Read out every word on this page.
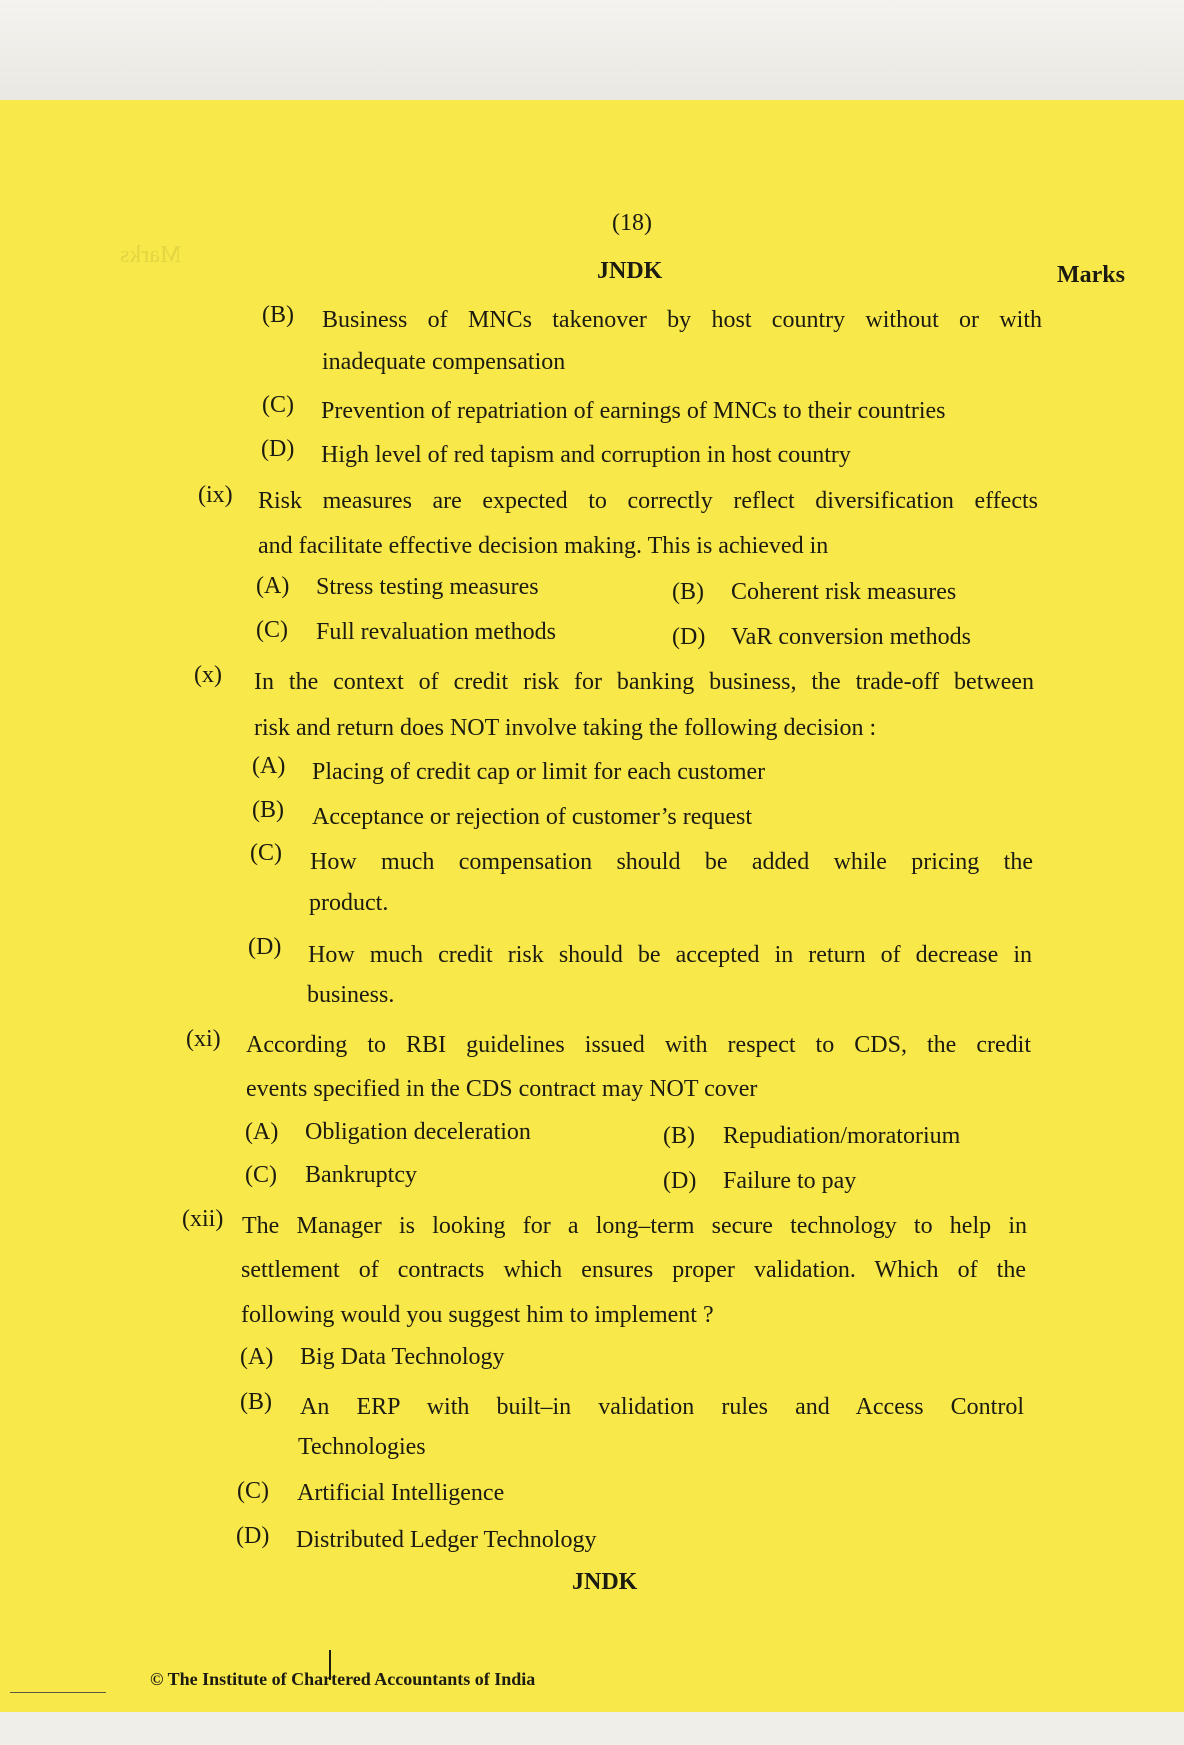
Marks
(18)
JNDK	Marks
(B) Business of MNCs takenover by host country without or with
inadequate compensation
(C) Prevention of repatriation of earnings of MNCs to their countries
(D) High level of red tapism and corruption in host country
(ix) Risk measures are expected to correctly reflect diversification effects
and facilitate effective decision making. This is achieved in
(A) Stress testing measures	(B) Coherent risk measures
(C) Full revaluation methods	(D) VaR conversion methods
(x) In the context of credit risk for banking business, the trade-off between
risk and return does NOT involve taking the following decision :
(A) Placing of credit cap or limit for each customer
(B) Acceptance or rejection of customer’s request
(C) How much compensation should be added while pricing the
product.
(D) How much credit risk should be accepted in return of decrease in
business.
(xi) According to RBI guidelines issued with respect to CDS, the credit
events specified in the CDS contract may NOT cover
(A) Obligation deceleration	(B) Repudiation/moratorium
(C) Bankruptcy	(D) Failure to pay
(xii) The Manager is looking for a long–term secure technology to help in
settlement of contracts which ensures proper validation. Which of the
following would you suggest him to implement ?
(A) Big Data Technology
(B) An ERP with built–in validation rules and Access Control
Technologies
(C) Artificial Intelligence
(D) Distributed Ledger Technology
JNDK
© The Institute of Chartered Accountants of India
